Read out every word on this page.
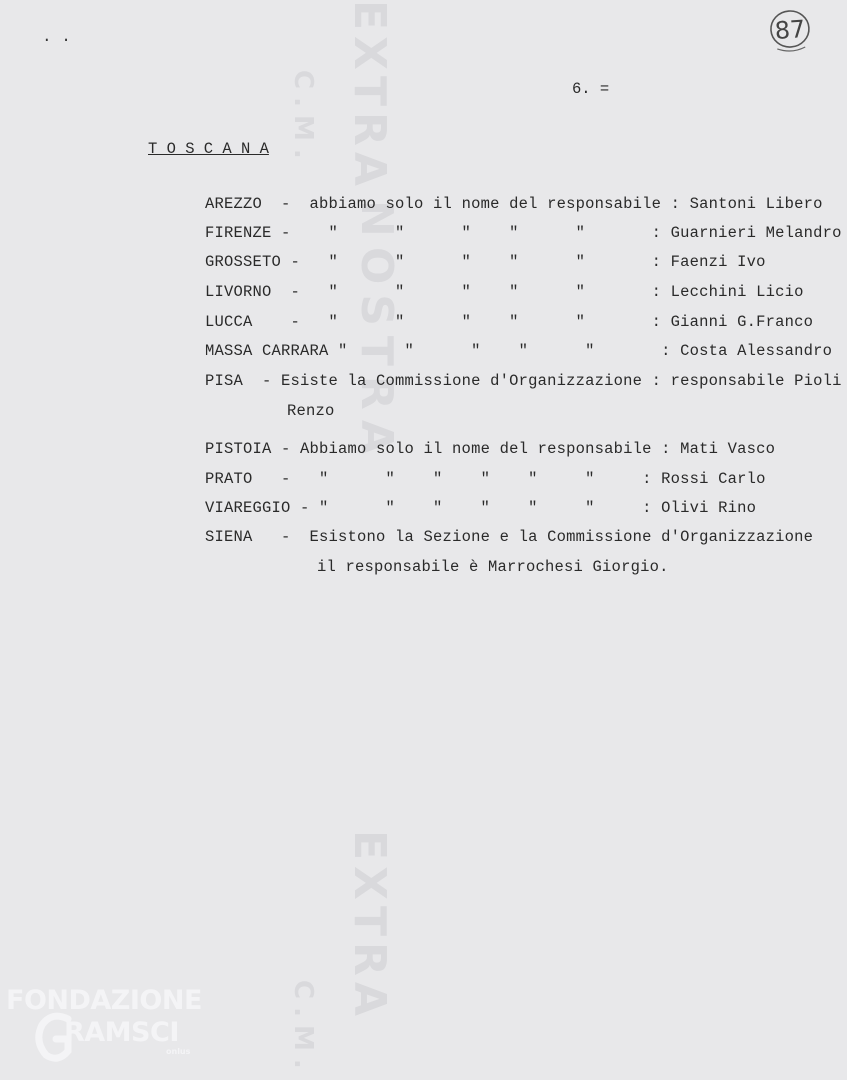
EXTRA
C.M.
NOSTRA
EXTRA
C.M.
. .
6. =
87
T O S C A N A

AREZZO  -  abbiamo solo il nome del responsabile : Santoni Libero

FIRENZE -    "      "      "    "      "       : Guarnieri Melandro

GROSSETO -   "      "      "    "      "       : Faenzi Ivo

LIVORNO  -   "      "      "    "      "       : Lecchini Licio

LUCCA    -   "      "      "    "      "       : Gianni G.Franco

MASSA CARRARA "      "      "    "      "       : Costa Alessandro

PISA  - Esiste la Commissione d'Organizzazione : responsabile Pioli

Renzo

PISTOIA - Abbiamo solo il nome del responsabile : Mati Vasco

PRATO   -   "      "    "    "    "     "     : Rossi Carlo

VIAREGGIO - "      "    "    "    "     "     : Olivi Rino

SIENA   -  Esistono la Sezione e la Commissione d'Organizzazione

il responsabile è Marrochesi Giorgio.

FONDAZIONE
RAMSCI
onlus
